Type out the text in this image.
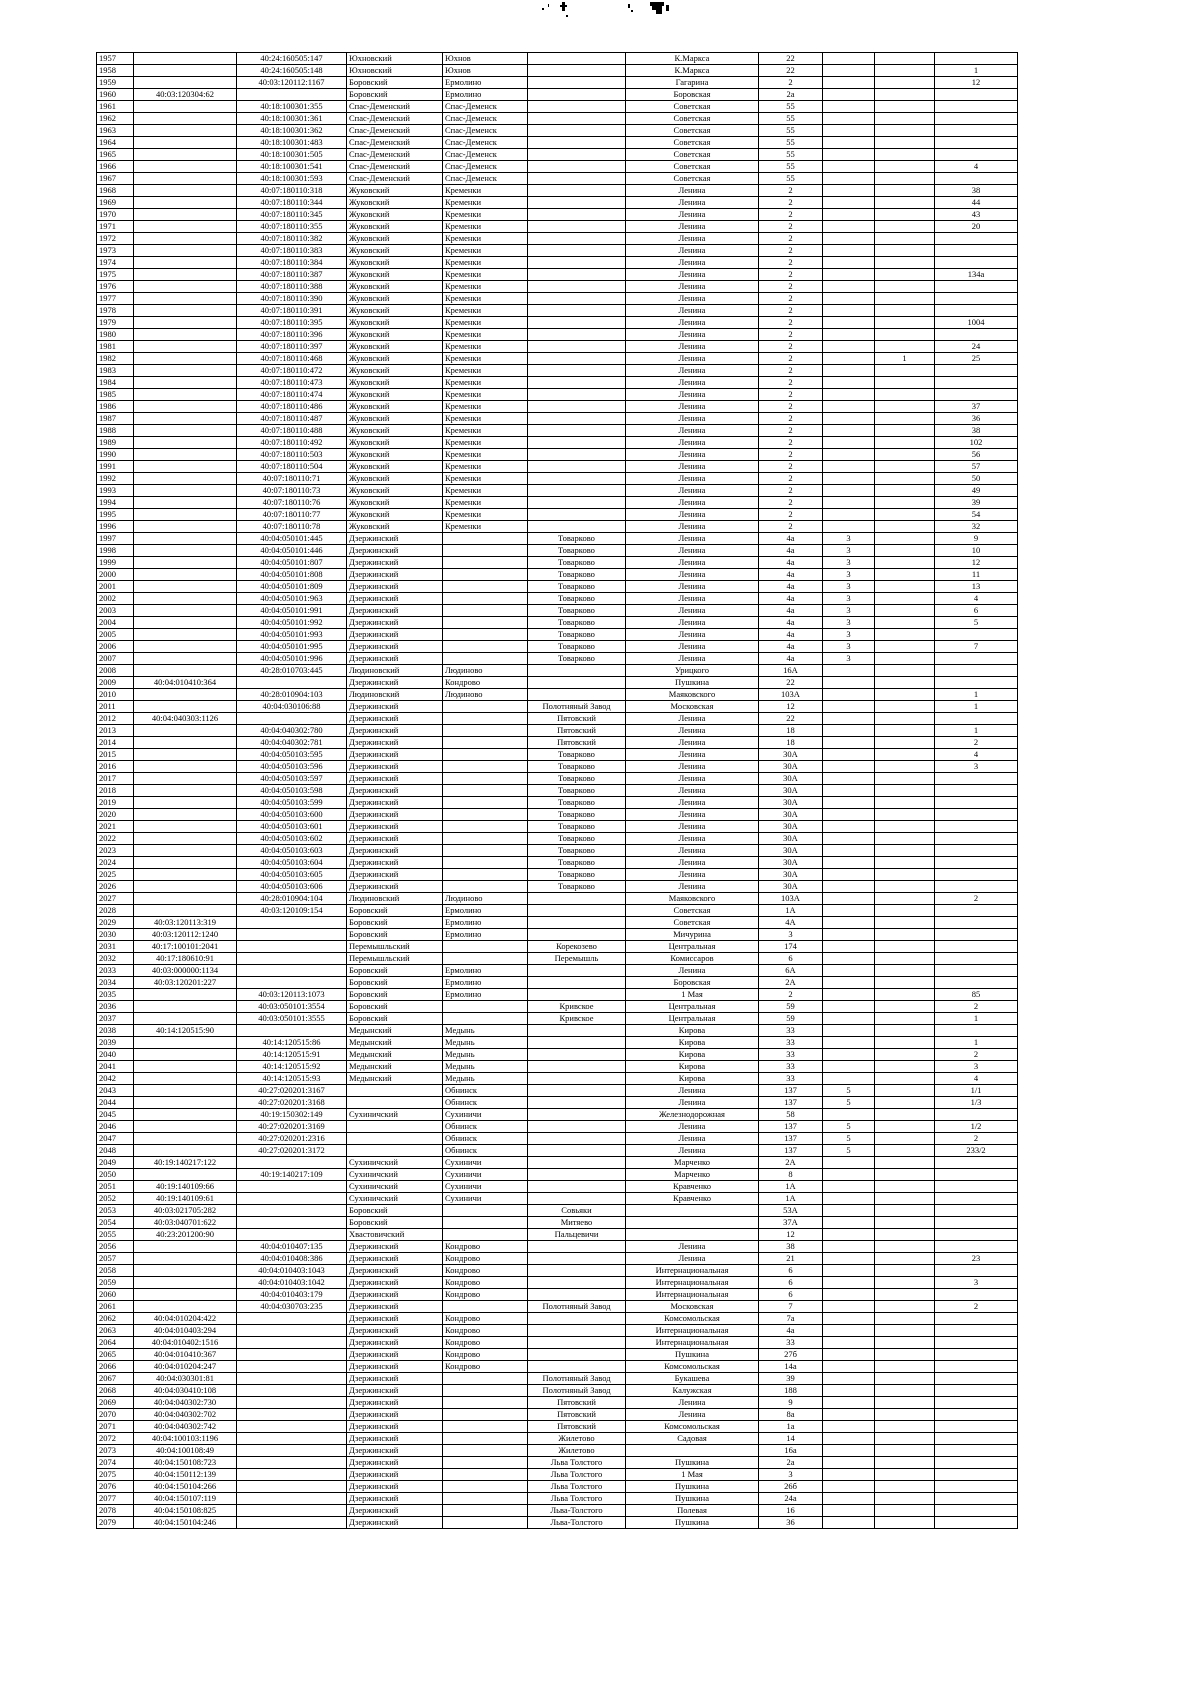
1957		40:24:160505:147	Юхновский	Юхнов		К.Маркса	22			
1958		40:24:160505:148	Юхновский	Юхнов		К.Маркса	22			1
1959		40:03:120112:1167	Боровский	Ермолино		Гагарина	2			12
1960	40:03:120304:62		Боровский	Ермолино		Боровская	2а			
1961		40:18:100301:355	Спас-Деменский	Спас-Деменск		Советская	55			
1962		40:18:100301:361	Спас-Деменский	Спас-Деменск		Советская	55			
1963		40:18:100301:362	Спас-Деменский	Спас-Деменск		Советская	55			
1964		40:18:100301:483	Спас-Деменский	Спас-Деменск		Советская	55			
1965		40:18:100301:505	Спас-Деменский	Спас-Деменск		Советская	55			
1966		40:18:100301:541	Спас-Деменский	Спас-Деменск		Советская	55			4
1967		40:18:100301:593	Спас-Деменский	Спас-Деменск		Советская	55			
1968		40:07:180110:318	Жуковский	Кременки		Ленина	2			38
1969		40:07:180110:344	Жуковский	Кременки		Ленина	2			44
1970		40:07:180110:345	Жуковский	Кременки		Ленина	2			43
1971		40:07:180110:355	Жуковский	Кременки		Ленина	2			20
1972		40:07:180110:382	Жуковский	Кременки		Ленина	2			
1973		40:07:180110:383	Жуковский	Кременки		Ленина	2			
1974		40:07:180110:384	Жуковский	Кременки		Ленина	2			
1975		40:07:180110:387	Жуковский	Кременки		Ленина	2			134а
1976		40:07:180110:388	Жуковский	Кременки		Ленина	2			
1977		40:07:180110:390	Жуковский	Кременки		Ленина	2			
1978		40:07:180110:391	Жуковский	Кременки		Ленина	2			
1979		40:07:180110:395	Жуковский	Кременки		Ленина	2			1004
1980		40:07:180110:396	Жуковский	Кременки		Ленина	2			
1981		40:07:180110:397	Жуковский	Кременки		Ленина	2			24
1982		40:07:180110:468	Жуковский	Кременки		Ленина	2		1	25
1983		40:07:180110:472	Жуковский	Кременки		Ленина	2			
1984		40:07:180110:473	Жуковский	Кременки		Ленина	2			
1985		40:07:180110:474	Жуковский	Кременки		Ленина	2			
1986		40:07:180110:486	Жуковский	Кременки		Ленина	2			37
1987		40:07:180110:487	Жуковский	Кременки		Ленина	2			36
1988		40:07:180110:488	Жуковский	Кременки		Ленина	2			38
1989		40:07:180110:492	Жуковский	Кременки		Ленина	2			102
1990		40:07:180110:503	Жуковский	Кременки		Ленина	2			56
1991		40:07:180110:504	Жуковский	Кременки		Ленина	2			57
1992		40:07:180110:71	Жуковский	Кременки		Ленина	2			50
1993		40:07:180110:73	Жуковский	Кременки		Ленина	2			49
1994		40:07:180110:76	Жуковский	Кременки		Ленина	2			39
1995		40:07:180110:77	Жуковский	Кременки		Ленина	2			54
1996		40:07:180110:78	Жуковский	Кременки		Ленина	2			32
1997		40:04:050101:445	Дзержинский		Товарково	Ленина	4а	3		9
1998		40:04:050101:446	Дзержинский		Товарково	Ленина	4а	3		10
1999		40:04:050101:807	Дзержинский		Товарково	Ленина	4а	3		12
2000		40:04:050101:808	Дзержинский		Товарково	Ленина	4а	3		11
2001		40:04:050101:809	Дзержинский		Товарково	Ленина	4а	3		13
2002		40:04:050101:963	Дзержинский		Товарково	Ленина	4а	3		4
2003		40:04:050101:991	Дзержинский		Товарково	Ленина	4а	3		6
2004		40:04:050101:992	Дзержинский		Товарково	Ленина	4а	3		5
2005		40:04:050101:993	Дзержинский		Товарково	Ленина	4а	3		
2006		40:04:050101:995	Дзержинский		Товарково	Ленина	4а	3		7
2007		40:04:050101:996	Дзержинский		Товарково	Ленина	4а	3		
2008		40:28:010703:445	Людиновский	Людиново		Урицкого	16А			
2009	40:04:010410:364		Дзержинский	Кондрово		Пушкина	22			
2010		40:28:010904:103	Людиновский	Людиново		Маяковского	103А			1
2011		40:04:030106:88	Дзержинский		Полотняный Завод	Московская	12			1
2012	40:04:040303:1126		Дзержинский		Пятовский	Ленина	22			
2013		40:04:040302:780	Дзержинский		Пятовский	Ленина	18			1
2014		40:04:040302:781	Дзержинский		Пятовский	Ленина	18			2
2015		40:04:050103:595	Дзержинский		Товарково	Ленина	30А			4
2016		40:04:050103:596	Дзержинский		Товарково	Ленина	30А			3
2017		40:04:050103:597	Дзержинский		Товарково	Ленина	30А			
2018		40:04:050103:598	Дзержинский		Товарково	Ленина	30А			
2019		40:04:050103:599	Дзержинский		Товарково	Ленина	30А			
2020		40:04:050103:600	Дзержинский		Товарково	Ленина	30А			
2021		40:04:050103:601	Дзержинский		Товарково	Ленина	30А			
2022		40:04:050103:602	Дзержинский		Товарково	Ленина	30А			
2023		40:04:050103:603	Дзержинский		Товарково	Ленина	30А			
2024		40:04:050103:604	Дзержинский		Товарково	Ленина	30А			
2025		40:04:050103:605	Дзержинский		Товарково	Ленина	30А			
2026		40:04:050103:606	Дзержинский		Товарково	Ленина	30А			
2027		40:28:010904:104	Людиновский	Людиново		Маяковского	103А			2
2028		40:03:120109:154	Боровский	Ермолино		Советская	1А			
2029	40:03:120113:319		Боровский	Ермолино		Советская	4А			
2030	40:03:120112:1240		Боровский	Ермолино		Мичурина	3			
2031	40:17:100101:2041		Перемышльский		Корекозево	Центральная	174			
2032	40:17:180610:91		Перемышльский		Перемышль	Комиссаров	6			
2033	40:03:000000:1134		Боровский	Ермолино		Ленина	6А			
2034	40:03:120201:227		Боровский	Ермолино		Боровская	2А			
2035		40:03:120113:1073	Боровский	Ермолино		1 Мая	2			85
2036		40:03:050101:3554	Боровский		Кривское	Центральная	59			2
2037		40:03:050101:3555	Боровский		Кривское	Центральная	59			1
2038	40:14:120515:90		Медынский	Медынь		Кирова	33			
2039		40:14:120515:86	Медынский	Медынь		Кирова	33			1
2040		40:14:120515:91	Медынский	Медынь		Кирова	33			2
2041		40:14:120515:92	Медынский	Медынь		Кирова	33			3
2042		40:14:120515:93	Медынский	Медынь		Кирова	33			4
2043		40:27:020201:3167		Обнинск		Ленина	137	5		1/1
2044		40:27:020201:3168		Обнинск		Ленина	137	5		1/3
2045		40:19:150302:149	Сухиничский	Сухиничи		Железнодорожная	58			
2046		40:27:020201:3169		Обнинск		Ленина	137	5		1/2
2047		40:27:020201:2316		Обнинск		Ленина	137	5		2
2048		40:27:020201:3172		Обнинск		Ленина	137	5		233/2
2049	40:19:140217:122		Сухиничский	Сухиничи		Марченко	2А			
2050		40:19:140217:109	Сухиничский	Сухиничи		Марченко	8			
2051	40:19:140109:66		Сухиничский	Сухиничи		Кравченко	1А			
2052	40:19:140109:61		Сухиничский	Сухиничи		Кравченко	1А			
2053	40:03:021705:282		Боровский		Совьяки		53А			
2054	40:03:040701:622		Боровский		Митяево		37А			
2055	40:23:201200:90		Хвастовичский		Пальцевичи		12			
2056		40:04:010407:135	Дзержинский	Кондрово		Ленина	38			
2057		40:04:010408:386	Дзержинский	Кондрово		Ленина	21			23
2058		40:04:010403:1043	Дзержинский	Кондрово		Интернациональная	6			
2059		40:04:010403:1042	Дзержинский	Кондрово		Интернациональная	6			3
2060		40:04:010403:179	Дзержинский	Кондрово		Интернациональная	6			
2061		40:04:030703:235	Дзержинский		Полотняный Завод	Московская	7			2
2062	40:04:010204:422		Дзержинский	Кондрово		Комсомольская	7а			
2063	40:04:010403:294		Дзержинский	Кондрово		Интернациональная	4а			
2064	40:04:010402:1516		Дзержинский	Кондрово		Интернациональная	33			
2065	40:04:010410:367		Дзержинский	Кондрово		Пушкина	27б			
2066	40:04:010204:247		Дзержинский	Кондрово		Комсомольская	14а			
2067	40:04:030301:81		Дзержинский		Полотняный Завод	Букашева	39			
2068	40:04:030410:108		Дзержинский		Полотняный Завод	Калужская	188			
2069	40:04:040302:730		Дзержинский		Пятовский	Ленина	9			
2070	40:04:040302:702		Дзержинский		Пятовский	Ленина	8а			
2071	40:04:040302:742		Дзержинский		Пятовский	Комсомольская	1а			
2072	40:04:100103:1196		Дзержинский		Жилетово	Садовая	14			
2073	40:04:100108:49		Дзержинский		Жилетово		16а			
2074	40:04:150108:723		Дзержинский		Льва Толстого	Пушкина	2а			
2075	40:04:150112:139		Дзержинский		Льва Толстого	1 Мая	3			
2076	40:04:150104:266		Дзержинский		Льва Толстого	Пушкина	26б			
2077	40:04:150107:119		Дзержинский		Льва Толстого	Пушкина	24а			
2078	40:04:150108:825		Дзержинский		Льва-Толстого	Полевая	16			
2079	40:04:150104:246		Дзержинский		Льва-Толстого	Пушкина	36			
